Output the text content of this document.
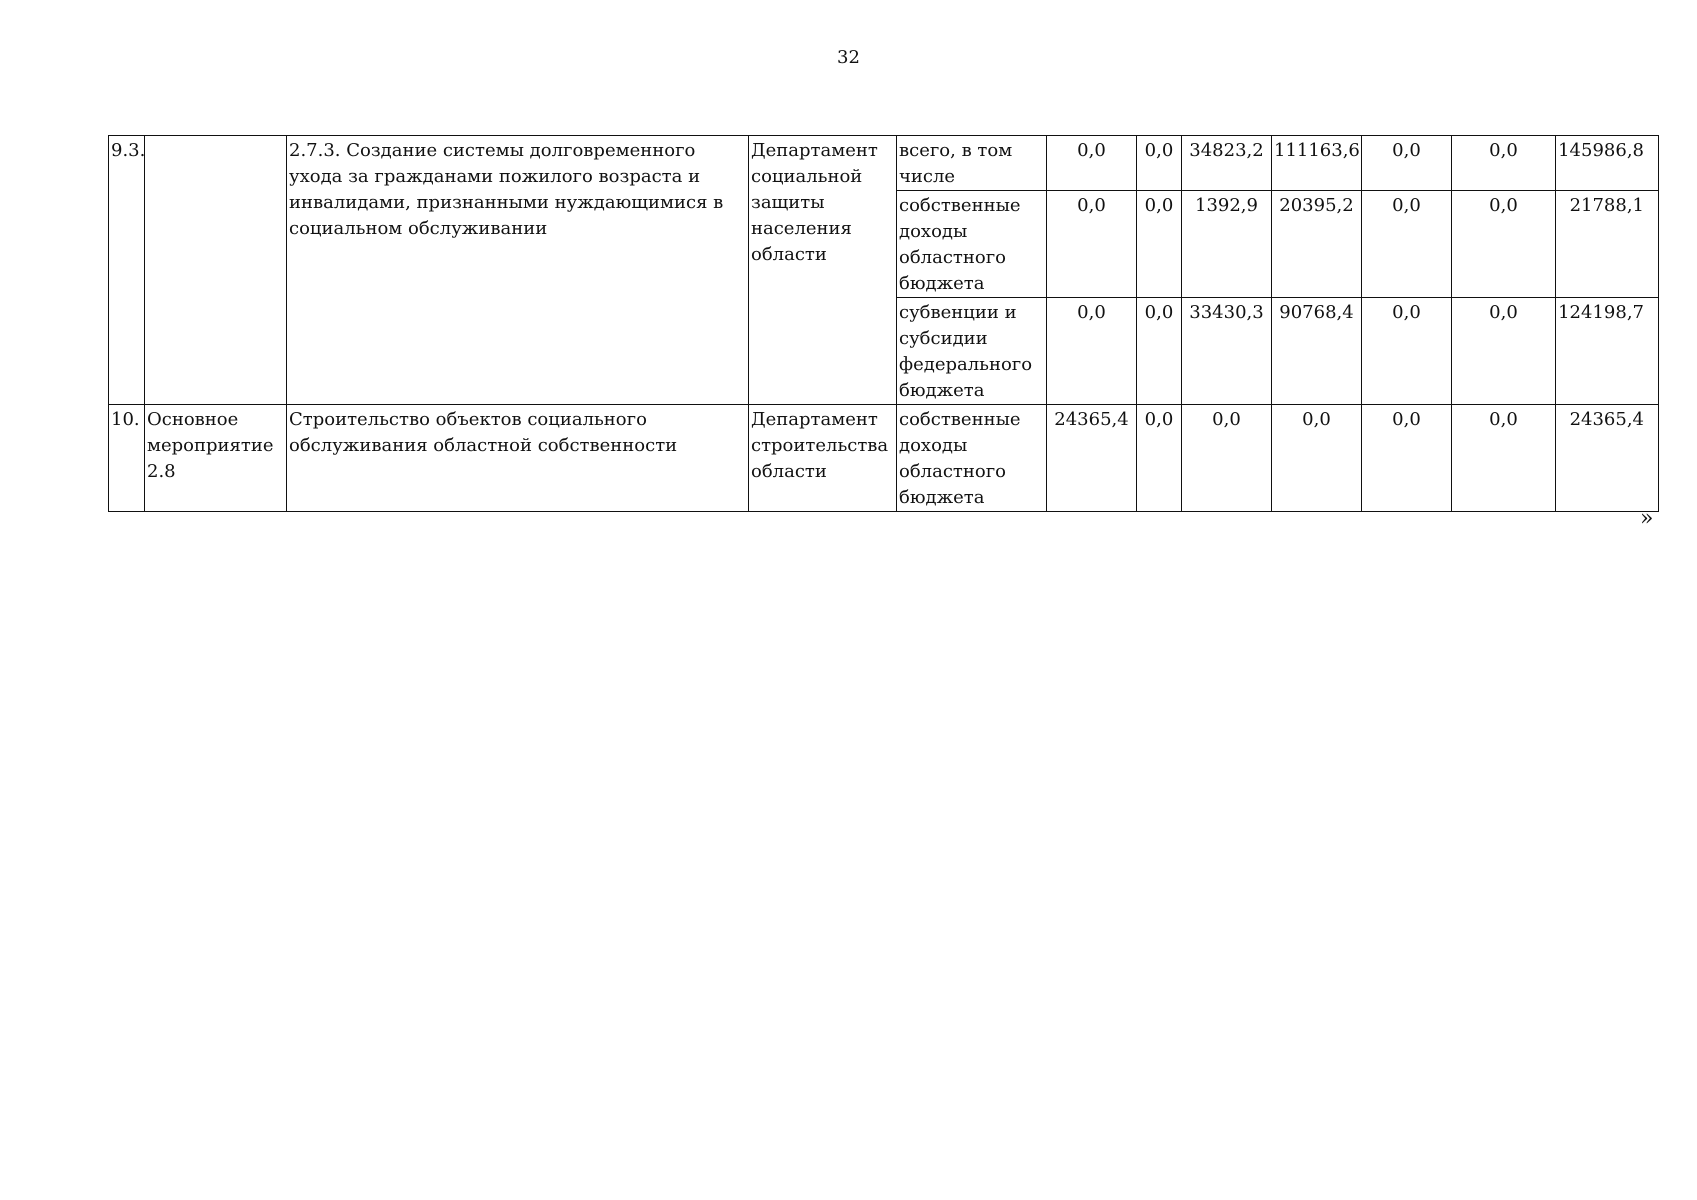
32
9.3.		2.7.3. Создание системы долговременного ухода за гражданами пожилого возраста и инвалидами, признанными нуждающимися в социальном обслуживании	Департамент социальной защиты населения области	всего, в том числе	0,0	0,0	34823,2	111163,6	0,0	0,0	145986,8
				собственные доходы областного бюджета	0,0	0,0	1392,9	20395,2	0,0	0,0	21788,1
				субвенции и субсидии федерального бюджета	0,0	0,0	33430,3	90768,4	0,0	0,0	124198,7
10.	Основное мероприятие 2.8	Строительство объектов социального обслуживания областной собственности	Департамент строительства области	собственные доходы областного бюджета	24365,4	0,0	0,0	0,0	0,0	0,0	24365,4
»
